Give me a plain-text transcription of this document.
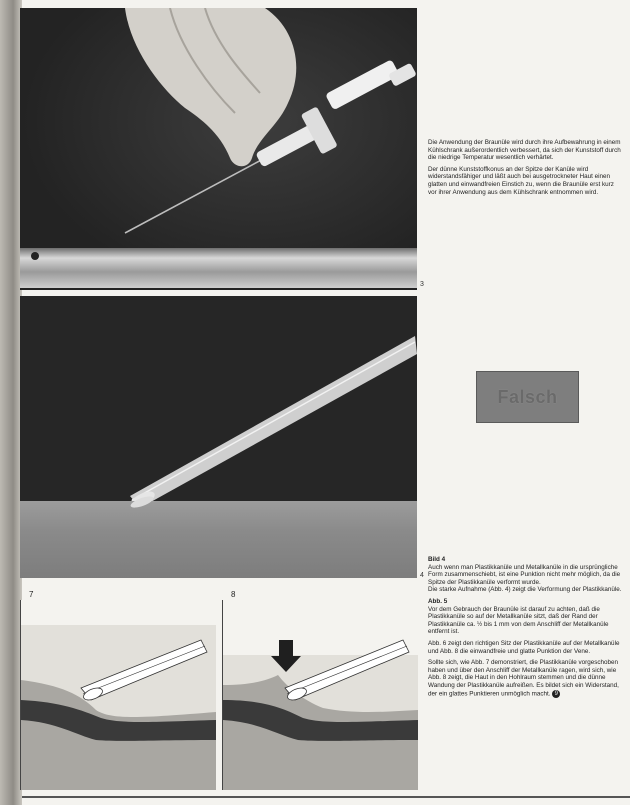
3
4
Falsch
7	8

Die Anwendung der Braunüle wird durch ihre Aufbewahrung in einem Kühlschrank außerordentlich verbessert, da sich der Kunststoff durch die niedrige Temperatur wesentlich verhärtet.

Der dünne Kunststoffkonus an der Spitze der Kanüle wird widerstandsfähiger und läßt auch bei ausgetrockneter Haut einen glatten und einwandfreien Einstich zu, wenn die Braunüle erst kurz vor ihrer Anwendung aus dem Kühlschrank entnommen wird.

Bild 4

Auch wenn man Plastikkanüle und Metallkanüle in die ursprüngliche Form zusammenschiebt, ist eine Punktion nicht mehr möglich, da die Spitze der Plastikkanüle verformt wurde.

Die starke Aufnahme (Abb. 4) zeigt die Verformung der Plastikkanüle.

Abb. 5

Vor dem Gebrauch der Braunüle ist darauf zu achten, daß die Plastikkanüle so auf der Metallkanüle sitzt, daß der Rand der Plastikkanüle ca. ½ bis 1 mm von dem Anschliff der Metallkanüle entfernt ist.

Abb. 6 zeigt den richtigen Sitz der Plastikkanüle auf der Metallkanüle und Abb. 8 die einwandfreie und glatte Punktion der Vene.

Sollte sich, wie Abb. 7 demonstriert, die Plastikkanüle vorgeschoben haben und über den Anschliff der Metallkanüle ragen, wird sich, wie Abb. 8 zeigt, die Haut in den Hohlraum stemmen und die dünne Wandung der Plastikkanüle aufreißen. Es bildet sich ein Widerstand, der ein glattes Punktieren unmöglich macht. 9
